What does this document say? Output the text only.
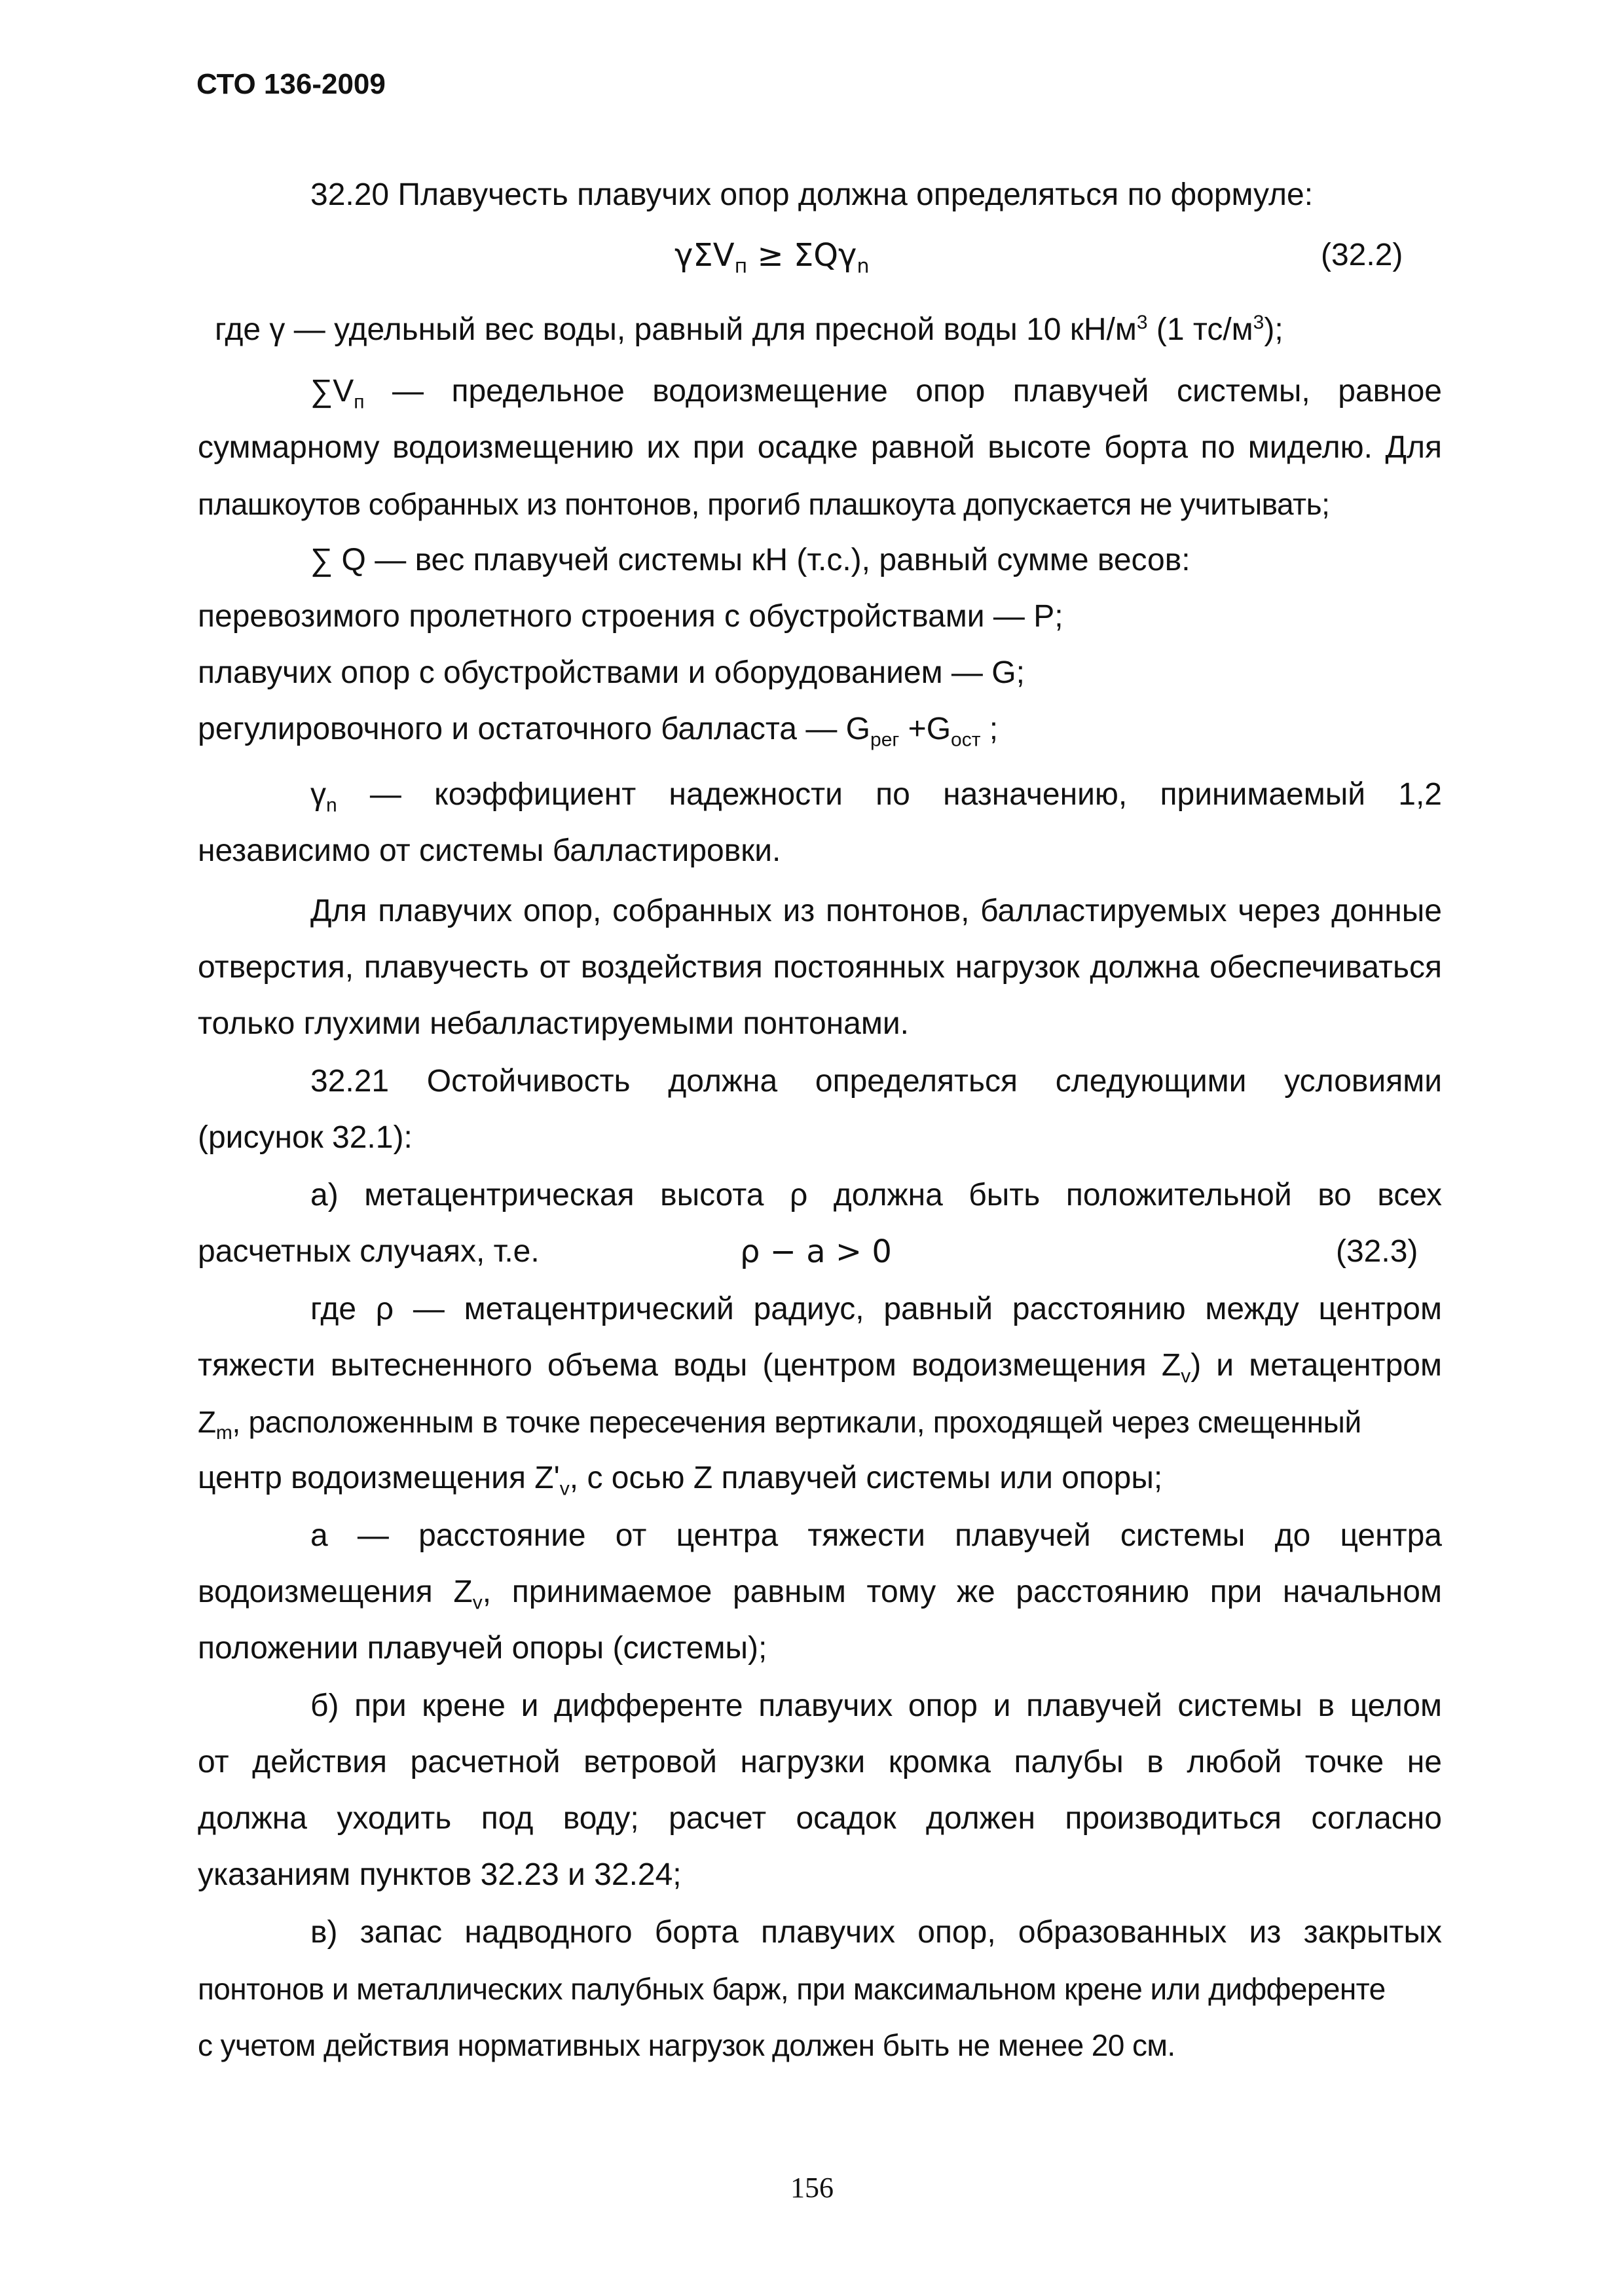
СТО 136-2009
32.20 Плавучесть плавучих опор должна определяться по формуле:
γΣV$_п$ ≥ ΣQγ$_n$	(32.2)
где γ — удельный вес воды, равный для пресной воды 10 $кН/м^3$ (1 $тс/м^3$);
$\sum V_п$ — предельное водоизмещение опор плавучей системы, равное
суммарному водоизмещению их при осадке равной высоте борта по миделю. Для
плашкоутов собранных из понтонов, прогиб плашкоута допускается не учитывать;
∑ Q — вес плавучей системы кН (т.с.), равный сумме весов:
перевозимого пролетного строения с обустройствами — P;
плавучих опор с обустройствами и оборудованием — G;
регулировочного и остаточного балласта — $G_{рег} +G_{ост}$ ;
$\gamma_n$ — коэффициент надежности по назначению, принимаемый 1,2
независимо от системы балластировки.
Для плавучих опор, собранных из понтонов, балластируемых через донные
отверстия, плавучесть от воздействия постоянных нагрузок должна обеспечиваться
только глухими небалластируемыми понтонами.
32.21 Остойчивость должна определяться следующими условиями
(рисунок 32.1):
а) метацентрическая высота ρ должна быть положительной во всех
расчетных случаях, т.е.	ρ − a > 0	(32.3)
где ρ — метацентрический радиус, равный расстоянию между центром
тяжести вытесненного объема воды (центром водоизмещения $Z_v$) и метацентром
$Z_m$, расположенным в точке пересечения вертикали, проходящей через смещенный
центр водоизмещения $Z'_v$, с осью Z плавучей системы или опоры;
а — расстояние от центра тяжести плавучей системы до центра
водоизмещения $Z_v$, принимаемое равным тому же расстоянию при начальном
положении плавучей опоры (системы);
б) при крене и дифференте плавучих опор и плавучей системы в целом
от действия расчетной ветровой нагрузки кромка палубы в любой точке не
должна уходить под воду; расчет осадок должен производиться согласно
указаниям пунктов 32.23 и 32.24;
в) запас надводного борта плавучих опор, образованных из закрытых
понтонов и металлических палубных барж, при максимальном крене или дифференте
с учетом действия нормативных нагрузок должен быть не менее 20 см.
156
